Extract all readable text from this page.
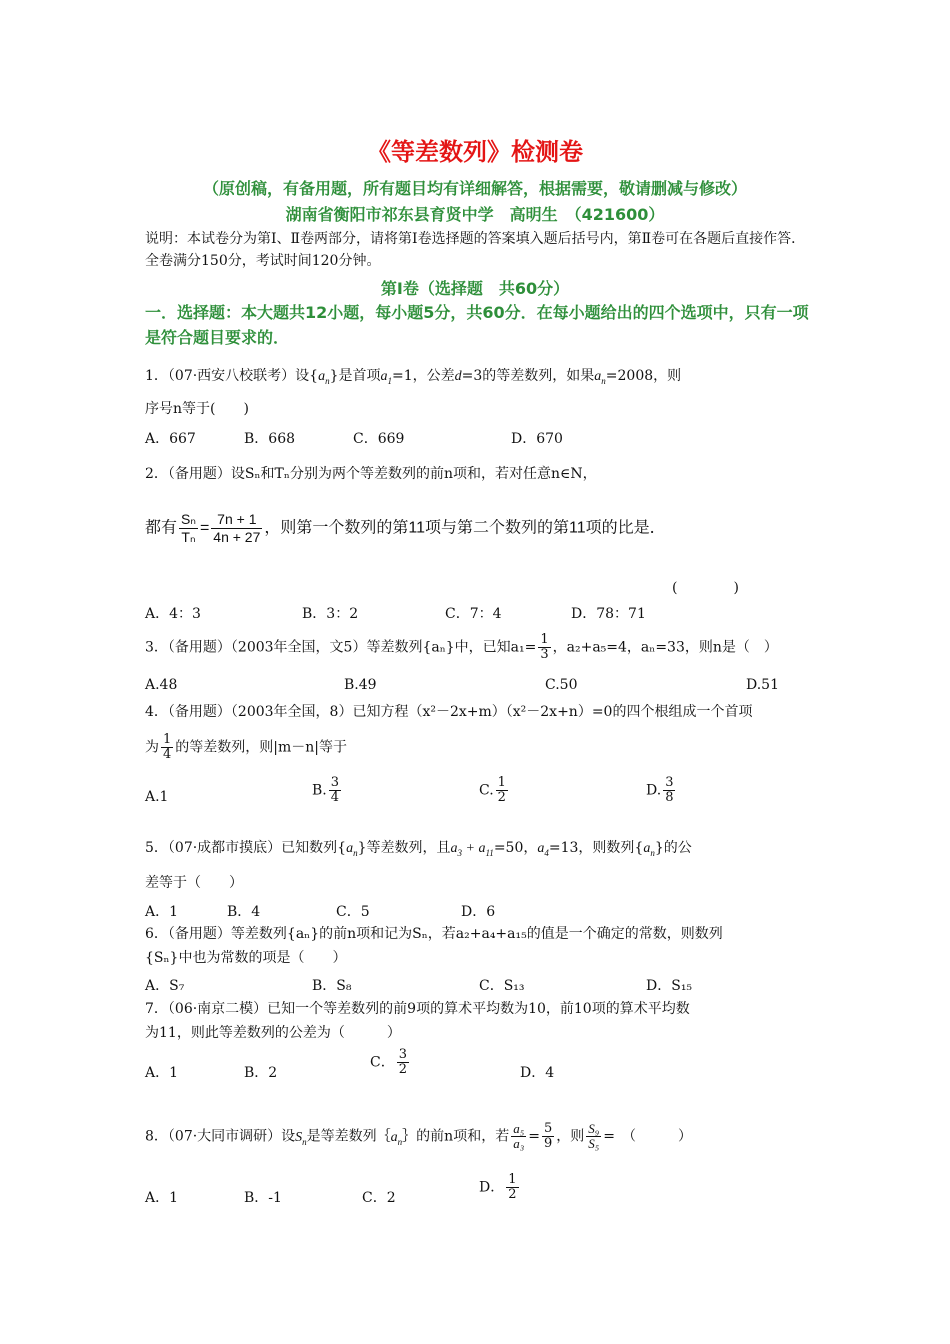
《等差数列》检测卷
（原创稿，有备用题，所有题目均有详细解答，根据需要，敬请删减与修改）
湖南省衡阳市祁东县育贤中学　高明生　（421600）
说明：本试卷分为第Ⅰ、Ⅱ卷两部分，请将第Ⅰ卷选择题的答案填入题后括号内，第Ⅱ卷可在各题后直接作答．全卷满分150分，考试时间120分钟。
第Ⅰ卷（选择题　共60分）
一．选择题：本大题共12小题，每小题5分，共60分．在每小题给出的四个选项中，只有一项是符合题目要求的．
1．（07·西安八校联考）设$\{a_n\}$是首项$a_1=1$，公差d=3的等差数列，如果$a_n=2008$，则
序号n等于(　　)
A．667	B．668	C．669	D．670
2．（备用题）设Sₙ和Tₙ分别为两个等差数列的前n项和，若对任意n∈N，
都有 $\frac{\text{Sₙ}}{\text{Tₙ}} = \frac{7n + 1}{4n + 27}$ ，则第一个数列的第11项与第二个数列的第11项的比是．
(　　　　)
A．4：3	B．3：2	C．7：4	D．78：71
3．（备用题）（2003年全国，文5）等差数列{aₙ}中，已知$a_1= \frac{1}{3}$ ，a₂+a₅=4，aₙ=33，则n是（　）
A.48	B.49	C.50	D.51
4．（备用题）（2003年全国，8）已知方程（x²－2x+m）（x²－2x+n）=0的四个根组成一个首项
为 $\frac{1}{4}$ 的等差数列，则|m－n|等于
A.1	B. $\frac{3}{4}$	C. $\frac{1}{2}$	D. $\frac{3}{8}$
5．（07·成都市摸底）已知数列$\{a_n\}$等差数列，且$a_3 + a_{11}=50$，$a_4=13$，则数列$\{a_n\}$的公
差等于（　　）
A．1	B．4	C．5	D．6
6．（备用题）等差数列{aₙ}的前n项和记为Sₙ，若a₂+a₄+a₁₅的值是一个确定的常数，则数列
{Sₙ}中也为常数的项是（　　）
A．S₇	B．S₈	C．S₁₃	D．S₁₅
7．（06·南京二模）已知一个等差数列的前9项的算术平均数为10，前10项的算术平均数
为11，则此等差数列的公差为（　　　）
A．1	B．2
C． $\frac{3}{2}$	D．4
8．（07·大同市调研）设$S_n$是等差数列$\{a_n\}$的前n项和，若 $\frac{\text{a₅}}{\text{a₃}} = \frac{5}{9}$ ，则 $\frac{\text{S₉}}{\text{S₅}}$ =　（　　　）
A．1	B．-1	C．2
D． $\frac{1}{2}$
